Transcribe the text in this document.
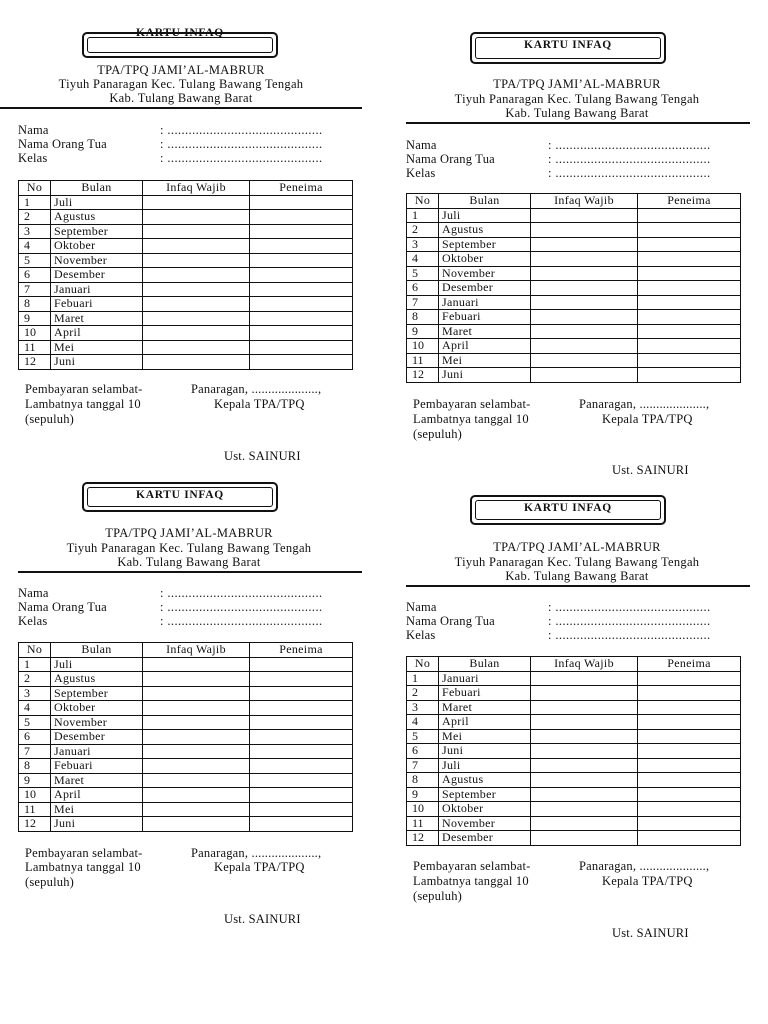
KARTU INFAQ
TPA/TPQ JAMI’AL-MABRUR
Tiyuh Panaragan Kec. Tulang Bawang Tengah
Kab. Tulang Bawang Barat
Nama	: ............................................
Nama Orang Tua	: ............................................
Kelas	: ............................................
No	Bulan	Infaq Wajib	Peneima
1	Juli		
2	Agustus		
3	September		
4	Oktober		
5	November		
6	Desember		
7	Januari		
8	Febuari		
9	Maret		
10	April		
11	Mei		
12	Juni		
Pembayaran selambat-
Lambatnya tanggal 10
(sepuluh)
Panaragan, ....................,
Kepala TPA/TPQ
Ust. SAINURI
KARTU INFAQ
TPA/TPQ JAMI’AL-MABRUR
Tiyuh Panaragan Kec. Tulang Bawang Tengah
Kab. Tulang Bawang Barat
Nama	: ............................................
Nama Orang Tua	: ............................................
Kelas	: ............................................
No	Bulan	Infaq Wajib	Peneima
1	Juli		
2	Agustus		
3	September		
4	Oktober		
5	November		
6	Desember		
7	Januari		
8	Febuari		
9	Maret		
10	April		
11	Mei		
12	Juni		
Pembayaran selambat-
Lambatnya tanggal 10
(sepuluh)
Panaragan, ....................,
Kepala TPA/TPQ
Ust. SAINURI
KARTU INFAQ
TPA/TPQ JAMI’AL-MABRUR
Tiyuh Panaragan Kec. Tulang Bawang Tengah
Kab. Tulang Bawang Barat
Nama	: ............................................
Nama Orang Tua	: ............................................
Kelas	: ............................................
No	Bulan	Infaq Wajib	Peneima
1	Juli		
2	Agustus		
3	September		
4	Oktober		
5	November		
6	Desember		
7	Januari		
8	Febuari		
9	Maret		
10	April		
11	Mei		
12	Juni		
Pembayaran selambat-
Lambatnya tanggal 10
(sepuluh)
Panaragan, ....................,
Kepala TPA/TPQ
Ust. SAINURI
KARTU INFAQ
TPA/TPQ JAMI’AL-MABRUR
Tiyuh Panaragan Kec. Tulang Bawang Tengah
Kab. Tulang Bawang Barat
Nama	: ............................................
Nama Orang Tua	: ............................................
Kelas	: ............................................
No	Bulan	Infaq Wajib	Peneima
1	Januari		
2	Febuari		
3	Maret		
4	April		
5	Mei		
6	Juni		
7	Juli		
8	Agustus		
9	September		
10	Oktober		
11	November		
12	Desember		
Pembayaran selambat-
Lambatnya tanggal 10
(sepuluh)
Panaragan, ....................,
Kepala TPA/TPQ
Ust. SAINURI
